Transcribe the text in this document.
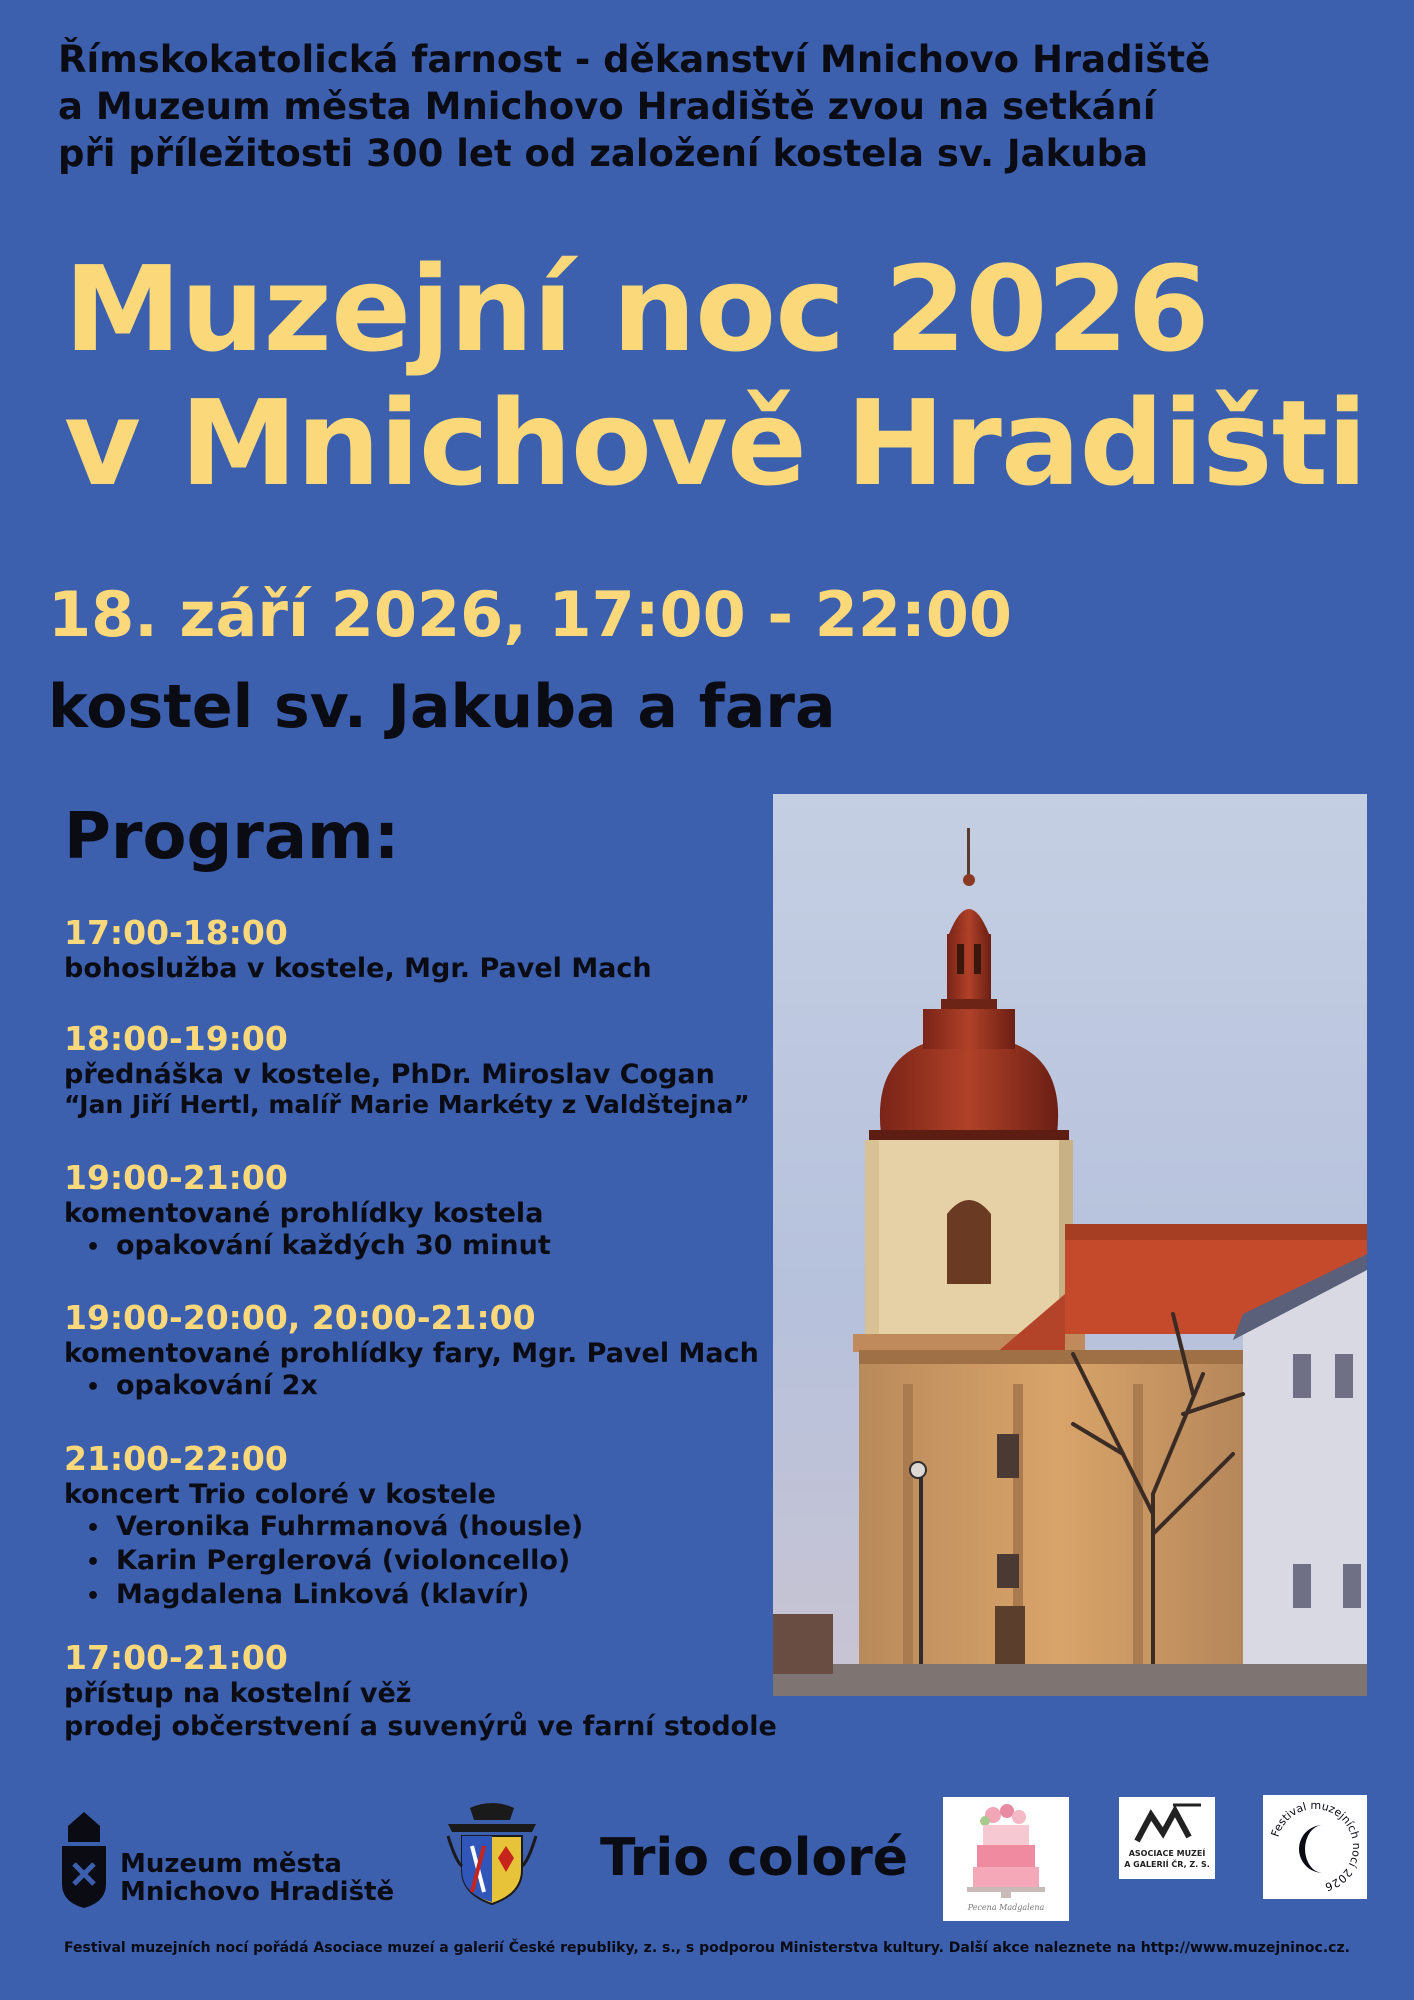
Římskokatolická farnost - děkanství Mnichovo Hradiště
a Muzeum města Mnichovo Hradiště zvou na setkání
při příležitosti 300 let od založení kostela sv. Jakuba
Muzejní noc 2026
v Mnichově Hradišti
18. září 2026, 17:00 - 22:00
kostel sv. Jakuba a fara
Program:
17:00-18:00
bohoslužba v kostele, Mgr. Pavel Mach
18:00-19:00
přednáška v kostele, PhDr. Miroslav Cogan
“Jan Jiří Hertl, malíř Marie Markéty z Valdštejna”
19:00-21:00
komentované prohlídky kostela
• opakování každých 30 minut
19:00-20:00, 20:00-21:00
komentované prohlídky fary, Mgr. Pavel Mach
• opakování 2x
21:00-22:00
koncert Trio coloré v kostele
• Veronika Fuhrmanová (housle)
• Karin Perglerová (violoncello)
• Magdalena Linková (klavír)
17:00-21:00
přístup na kostelní věž
prodej občerstvení a suvenýrů ve farní stodole
Muzeum města
Mnichovo Hradiště
Trio coloré
Pecena Madgalena
ASOCIACE MUZEÍ
A GALERIÍ ČR, Z. S.
Festival muzejních nocí 2026
Festival muzejních nocí pořádá Asociace muzeí a galerií České republiky, z. s., s podporou Ministerstva kultury. Další akce naleznete na http://www.muzejninoc.cz.
